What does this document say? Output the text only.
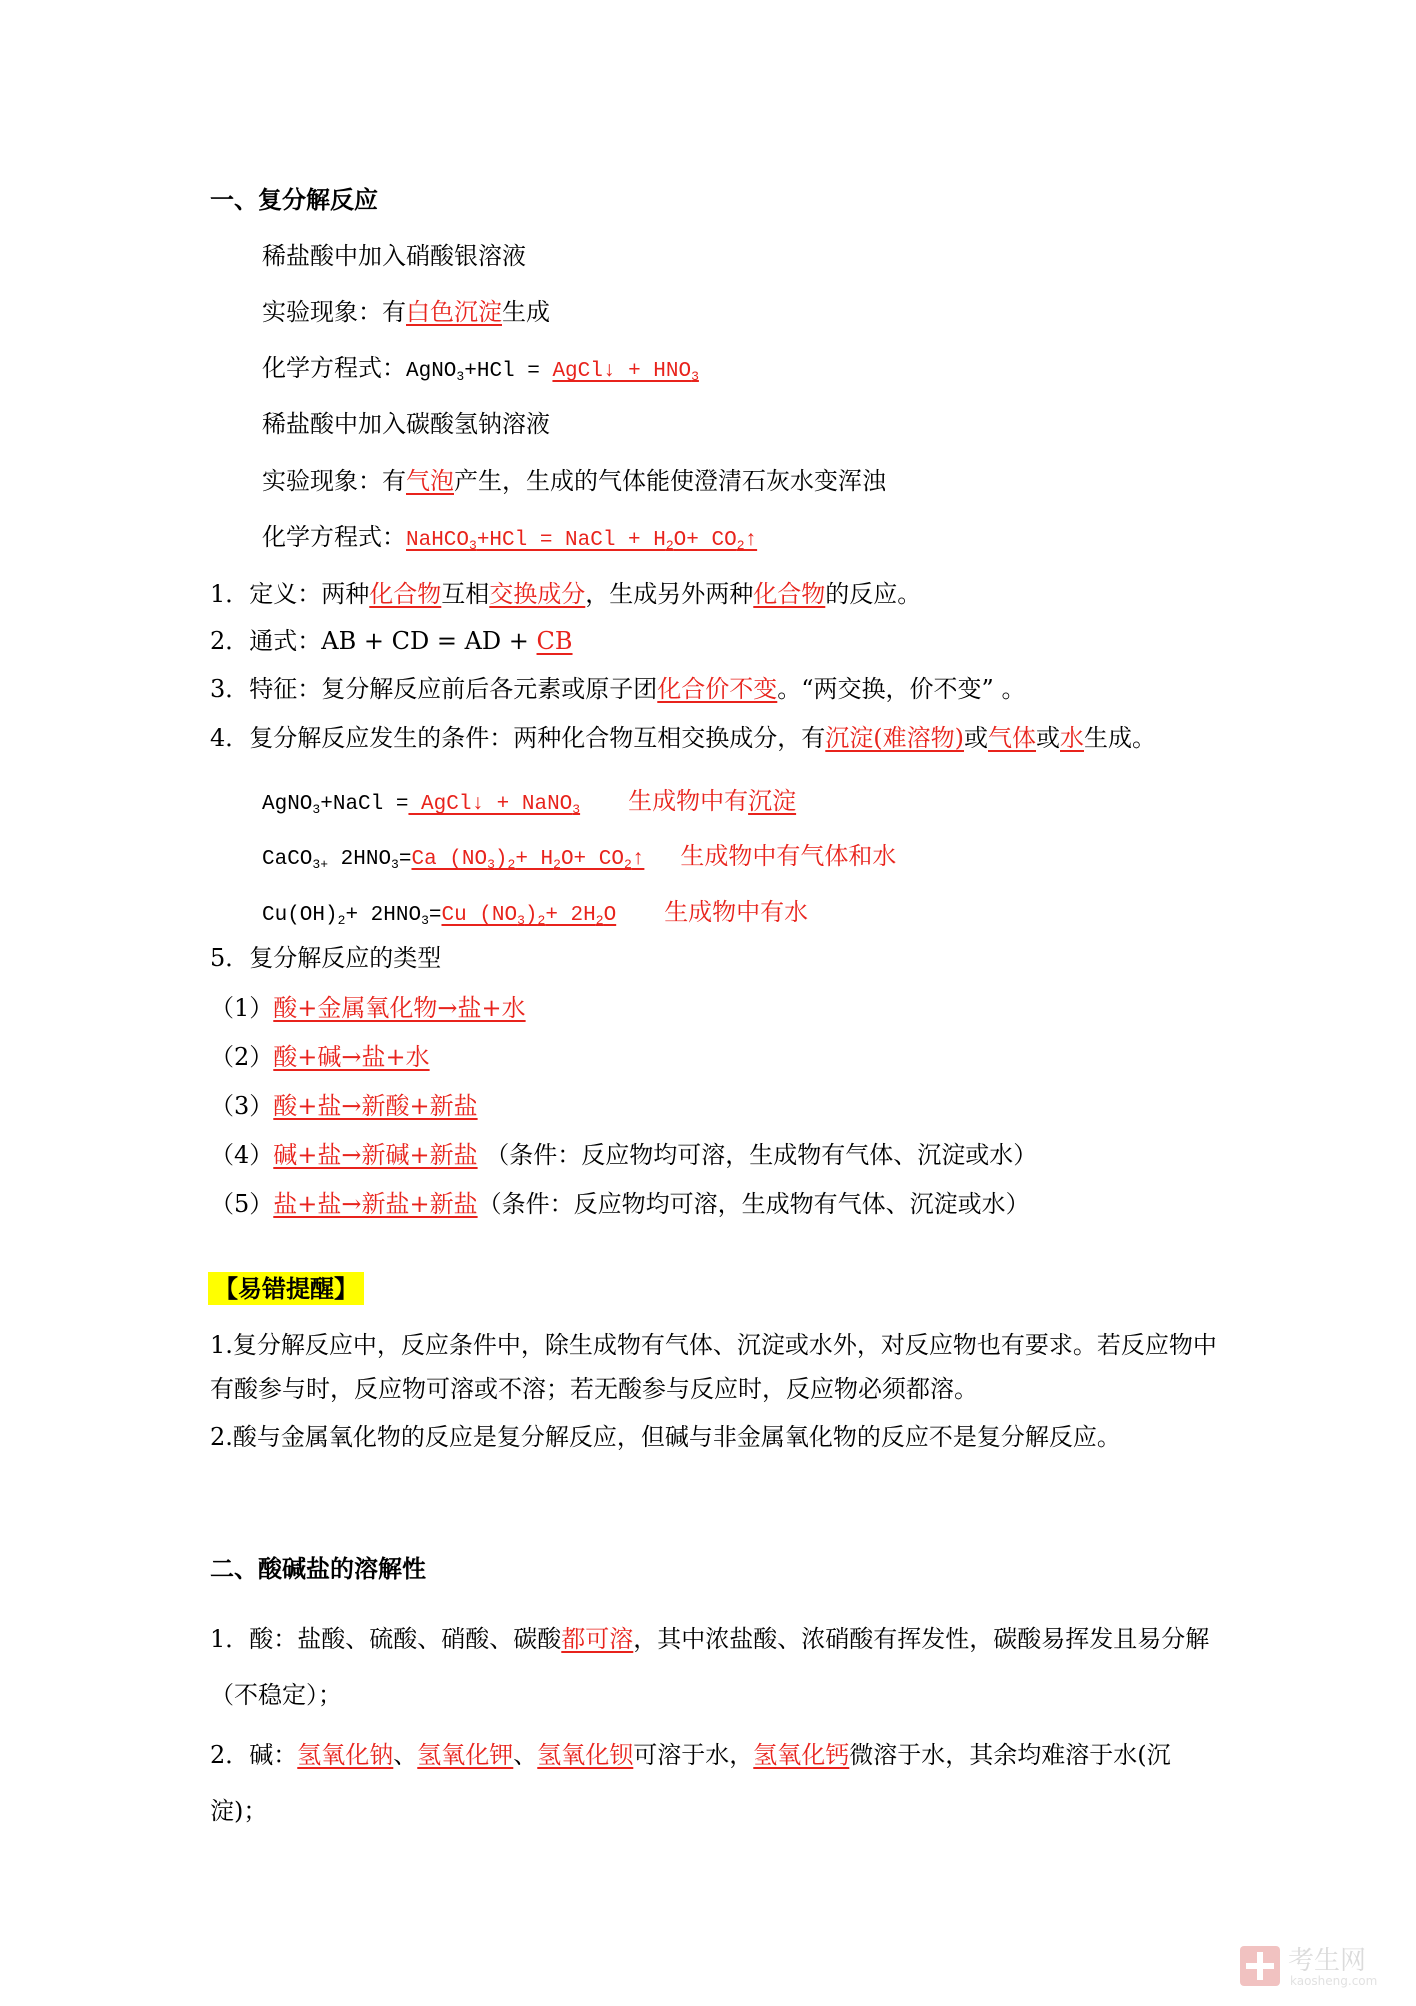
一、复分解反应
稀盐酸中加入硝酸银溶液
实验现象：有白色沉淀生成
化学方程式：AgNO$_3$+HCl = AgCl↓ + $HNO_3$
稀盐酸中加入碳酸氢钠溶液
实验现象：有气泡产生，生成的气体能使澄清石灰水变浑浊
化学方程式：NaHCO$_3$+HCl = NaCl + $H_2O+$ $CO_2↑$
1．定义：两种化合物互相交换成分，生成另外两种化合物的反应。
2．通式：AB + CD = AD + CB
3．特征：复分解反应前后各元素或原子团化合价不变。“两交换，价不变” 。
4．复分解反应发生的条件：两种化合物互相交换成分，有沉淀(难溶物)或气体或水生成。
AgNO$_3$+NaCl = AgCl↓ + NaNO$_3$ 生成物中有沉淀
CaCO$_{3+}$ $2HNO_3=Ca$ $(NO_3)_2+ H_2O+$ $CO_2↑$ 生成物中有气体和水
$Cu(OH)_2+ 2HNO_3=Cu$ $(NO_3)_2+ 2H_2O$ 生成物中有水
5．复分解反应的类型
（1）酸+金属氧化物→盐+水
（2）酸+碱→盐+水
（3）酸+盐→新酸+新盐
（4）碱+盐→新碱+新盐 （条件：反应物均可溶，生成物有气体、沉淀或水）
（5）盐+盐→新盐+新盐（条件：反应物均可溶，生成物有气体、沉淀或水）
【易错提醒】
1.复分解反应中，反应条件中，除生成物有气体、沉淀或水外，对反应物也有要求。若反应物中有酸参与时，反应物可溶或不溶；若无酸参与反应时，反应物必须都溶。
2.酸与金属氧化物的反应是复分解反应，但碱与非金属氧化物的反应不是复分解反应。
二、酸碱盐的溶解性
1．酸：盐酸、硫酸、硝酸、碳酸都可溶，其中浓盐酸、浓硝酸有挥发性，碳酸易挥发且易分解（不稳定）；
2．碱：氢氧化钠、氢氧化钾、氢氧化钡可溶于水，氢氧化钙微溶于水，其余均难溶于水(沉淀)；
考生网
kaosheng.com
